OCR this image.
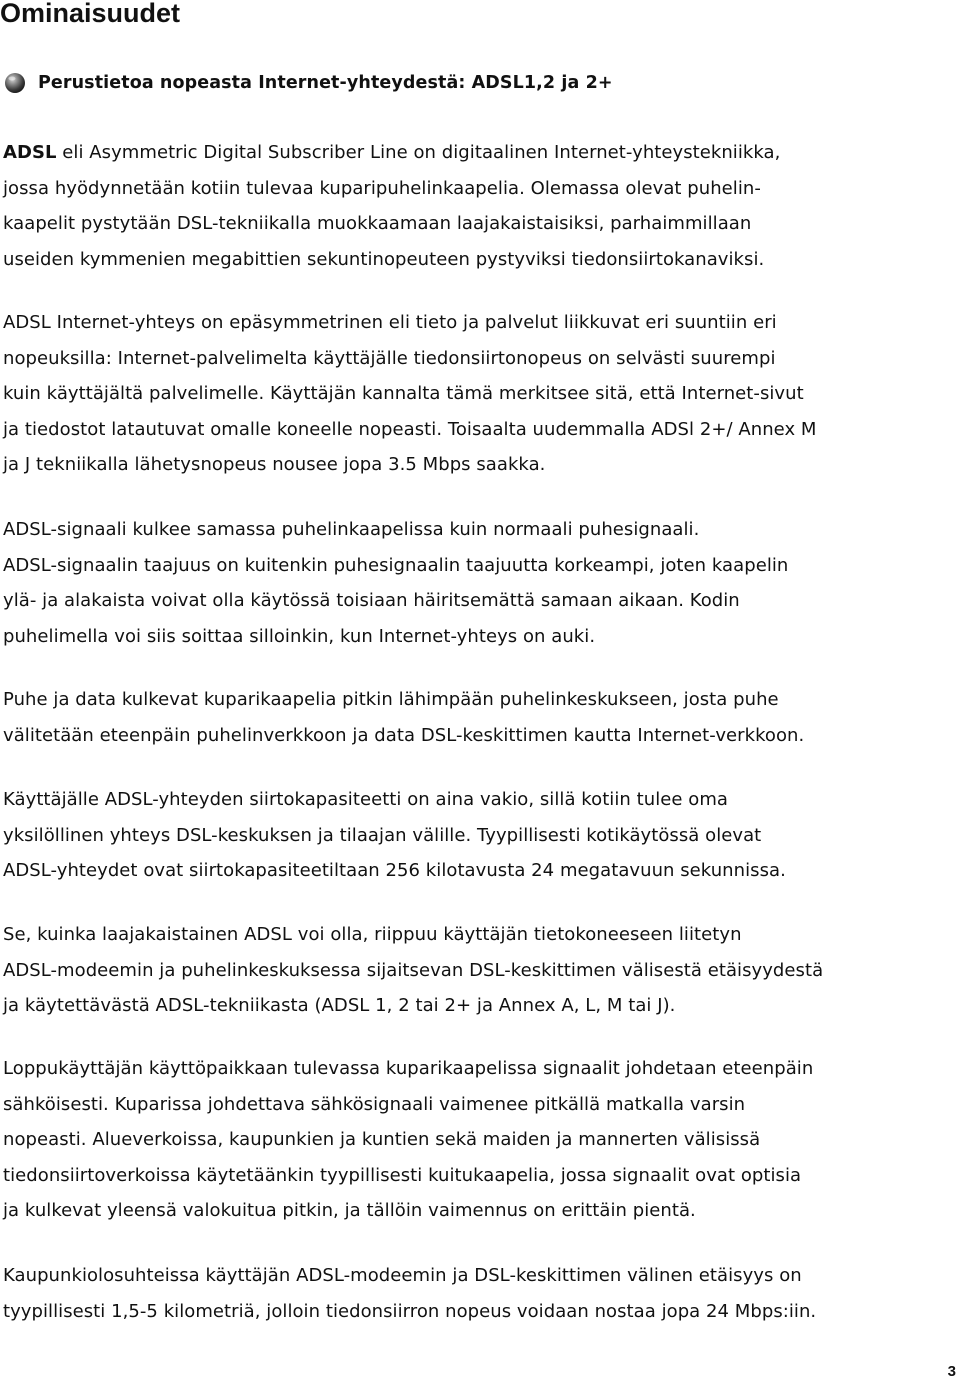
Ominaisuudet
Perustietoa nopeasta Internet-yhteydestä: ADSL1,2 ja 2+

ADSL eli Asymmetric Digital Subscriber Line on digitaalinen Internet-yhteystekniikka,
jossa hyödynnetään kotiin tulevaa kuparipuhelinkaapelia. Olemassa olevat puhelin-
kaapelit pystytään DSL-tekniikalla muokkaamaan laajakaistaisiksi, parhaimmillaan
useiden kymmenien megabittien sekuntinopeuteen pystyviksi tiedonsiirtokanaviksi.

ADSL Internet-yhteys on epäsymmetrinen eli tieto ja palvelut liikkuvat eri suuntiin eri
nopeuksilla: Internet-palvelimelta käyttäjälle tiedonsiirtonopeus on selvästi suurempi
kuin käyttäjältä palvelimelle. Käyttäjän kannalta tämä merkitsee sitä, että Internet-sivut
ja tiedostot latautuvat omalle koneelle nopeasti. Toisaalta uudemmalla ADSl 2+/ Annex M
ja J tekniikalla lähetysnopeus nousee jopa 3.5 Mbps saakka.

ADSL-signaali kulkee samassa puhelinkaapelissa kuin normaali puhesignaali.
ADSL-signaalin taajuus on kuitenkin puhesignaalin taajuutta korkeampi, joten kaapelin
ylä- ja alakaista voivat olla käytössä toisiaan häiritsemättä samaan aikaan. Kodin
puhelimella voi siis soittaa silloinkin, kun Internet-yhteys on auki.

Puhe ja data kulkevat kuparikaapelia pitkin lähimpään puhelinkeskukseen, josta puhe
välitetään eteenpäin puhelinverkkoon ja data DSL-keskittimen kautta Internet-verkkoon.

Käyttäjälle ADSL-yhteyden siirtokapasiteetti on aina vakio, sillä kotiin tulee oma
yksilöllinen yhteys DSL-keskuksen ja tilaajan välille. Tyypillisesti kotikäytössä olevat
ADSL-yhteydet ovat siirtokapasiteetiltaan 256 kilotavusta 24 megatavuun sekunnissa.

Se, kuinka laajakaistainen ADSL voi olla, riippuu käyttäjän tietokoneeseen liitetyn
ADSL-modeemin ja puhelinkeskuksessa sijaitsevan DSL-keskittimen välisestä etäisyydestä
ja käytettävästä ADSL-tekniikasta (ADSL 1, 2 tai 2+ ja Annex A, L, M tai J).

Loppukäyttäjän käyttöpaikkaan tulevassa kuparikaapelissa signaalit johdetaan eteenpäin
sähköisesti. Kuparissa johdettava sähkösignaali vaimenee pitkällä matkalla varsin
nopeasti. Alueverkoissa, kaupunkien ja kuntien sekä maiden ja mannerten välisissä
tiedonsiirtoverkoissa käytetäänkin tyypillisesti kuitukaapelia, jossa signaalit ovat optisia
ja kulkevat yleensä valokuitua pitkin, ja tällöin vaimennus on erittäin pientä.

Kaupunkiolosuhteissa käyttäjän ADSL-modeemin ja DSL-keskittimen välinen etäisyys on
tyypillisesti 1,5-5 kilometriä, jolloin tiedonsiirron nopeus voidaan nostaa jopa 24 Mbps:iin.

3
